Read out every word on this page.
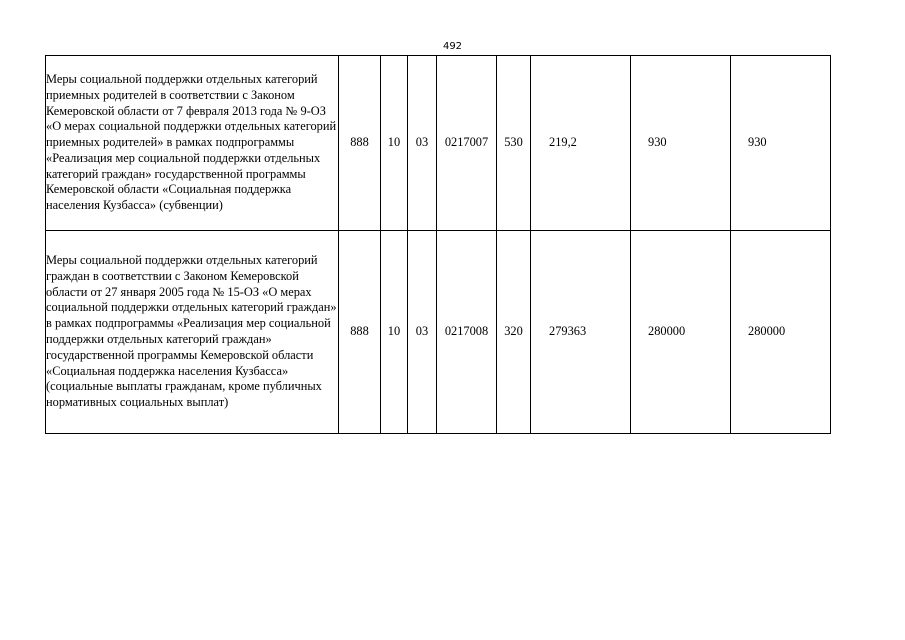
492
Меры социальной поддержки отдельных категорий приемных родителей в соответствии с Законом Кемеровской области от 7 февраля 2013 года № 9-ОЗ «О мерах социальной поддержки отдельных категорий приемных родителей» в рамках подпрограммы «Реализация мер социальной поддержки отдельных категорий граждан» государственной программы Кемеровской области «Социальная поддержка населения Кузбасса» (субвенции)	888	10	03	0217007	530	219,2	930	930
Меры социальной поддержки отдельных категорий граждан в соответствии с Законом Кемеровской области от 27 января 2005 года № 15-ОЗ «О мерах социальной поддержки отдельных категорий граждан» в рамках подпрограммы «Реализация мер социальной поддержки отдельных категорий граждан» государственной программы Кемеровской области «Социальная поддержка населения Кузбасса» (социальные выплаты гражданам, кроме публичных нормативных социальных выплат)	888	10	03	0217008	320	279363	280000	280000
